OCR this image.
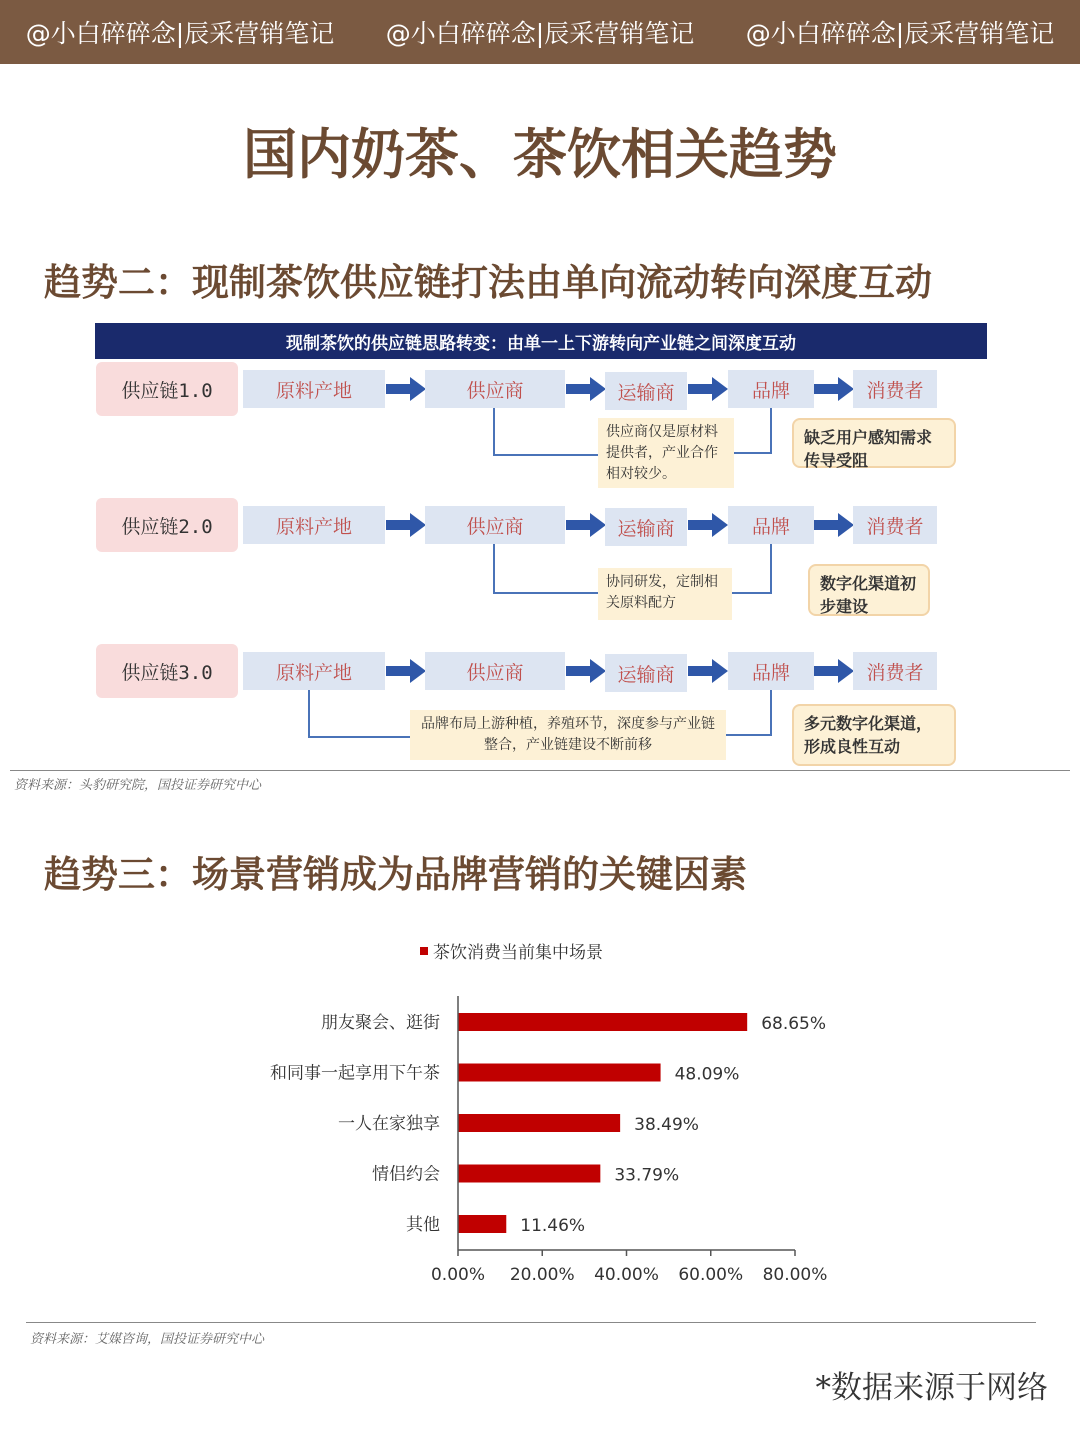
@小白碎碎念|辰采营销笔记 @小白碎碎念|辰采营销笔记 @小白碎碎念|辰采营销笔记
国内奶茶、茶饮相关趋势
趋势二：现制茶饮供应链打法由单向流动转向深度互动
现制茶饮的供应链思路转变：由单一上下游转向产业链之间深度互动
供应链1.0	原料产地	供应商	运输商	品牌	消费者
供应商仅是原材料提供者，产业合作相对较少。
缺乏用户感知需求传导受阻
供应链2.0	原料产地	供应商	运输商	品牌	消费者
协同研发，定制相关原料配方
数字化渠道初步建设
供应链3.0	原料产地	供应商	运输商	品牌	消费者
品牌布局上游种植，养殖环节，深度参与产业链整合，产业链建设不断前移
多元数字化渠道，形成良性互动
资料来源：头豹研究院，国投证券研究中心
趋势三：场景营销成为品牌营销的关键因素
茶饮消费当前集中场景
朋友聚会、逛街	68.65%
和同事一起享用下午茶	48.09%
一人在家独享	38.49%
情侣约会	33.79%
其他	11.46%
0.00% 20.00% 40.00% 60.00% 80.00%
资料来源：艾媒咨询，国投证券研究中心
*数据来源于网络
